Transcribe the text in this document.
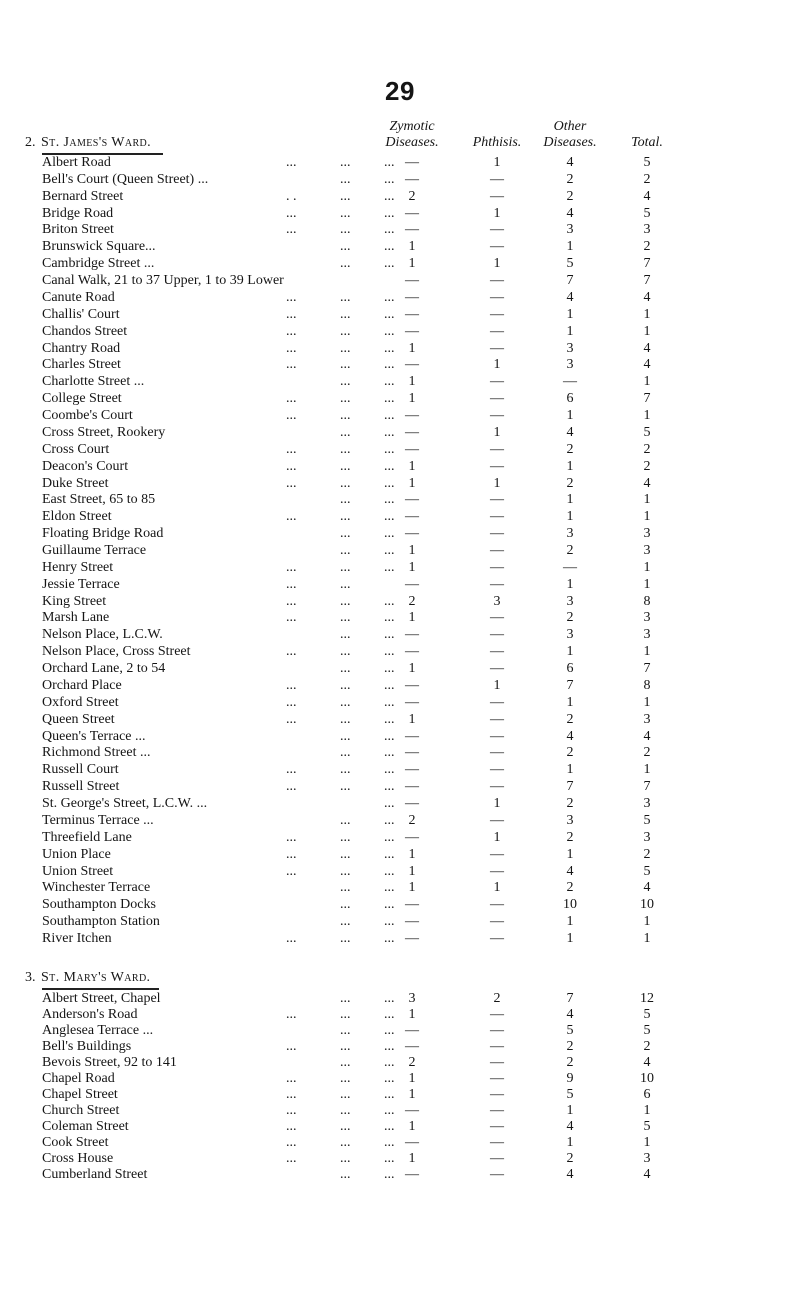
29
Zymotic
Diseases.
	Phthisis.
Other
Diseases.
	Total.
2. St. James's Ward.
3. St. Mary's Ward.
Albert Road	...	... ... —	1	4	5
Bell's Court (Queen Street) ...	... ... —	—	2	2
Bernard Street	. .	... ...	2	—	2	4
Bridge Road	...	... ... —	1	4	5
Briton Street	...	... ... —	—	3	3
Brunswick Square...	... ...	1	—	1	2
Cambridge Street ...	... ...	1	1	5	7
Canal Walk, 21 to 37 Upper, 1 to 39 Lower	—	—	7	7
Canute Road	...	... ... —	—	4	4
Challis' Court	...	... ... —	—	1	1
Chandos Street	...	... ... —	—	1	1
Chantry Road	...	... ...	1	—	3	4
Charles Street	...	... ... —	1	3	4
Charlotte Street ...	... ...	1	—	—	1
College Street	...	... ...	1	—	6	7
Coombe's Court	...	... ... —	—	1	1
Cross Street, Rookery	... ... —	1	4	5
Cross Court	...	... ... —	—	2	2
Deacon's Court	...	... ...	1	—	1	2
Duke Street	...	... ...	1	1	2	4
East Street, 65 to 85	... ... —	—	1	1
Eldon Street	...	... ... —	—	1	1
Floating Bridge Road	... ... —	—	3	3
Guillaume Terrace	... ...	1	—	2	3
Henry Street	...	... ...	1	—	—	1
Jessie Terrace	...	...	—	—	1	1
King Street	...	... ...	2	3	3	8
Marsh Lane	...	... ...	1	—	2	3
Nelson Place, L.C.W.	... ... —	—	3	3
Nelson Place, Cross Street	...	... ... —	—	1	1
Orchard Lane, 2 to 54	... ...	1	—	6	7
Orchard Place	...	... ... —	1	7	8
Oxford Street	...	... ... —	—	1	1
Queen Street	...	... ...	1	—	2	3
Queen's Terrace ...	... ... —	—	4	4
Richmond Street ...	... ... —	—	2	2
Russell Court	...	... ... —	—	1	1
Russell Street	...	... ... —	—	7	7
St. George's Street, L.C.W. ...	... —	1	2	3
Terminus Terrace ...	... ...	2	—	3	5
Threefield Lane	...	... ... —	1	2	3
Union Place	...	... ...	1	—	1	2
Union Street	...	... ...	1	—	4	5
Winchester Terrace	... ...	1	1	2	4
Southampton Docks	... ... —	—	10	10
Southampton Station	... ... —	—	1	1
River Itchen	...	... ... —	—	1	1
Albert Street, Chapel	... ...	3	2	7	12
Anderson's Road	...	... ...	1	—	4	5
Anglesea Terrace ...	... ... —	—	5	5
Bell's Buildings	...	... ... —	—	2	2
Bevois Street, 92 to 141	... ...	2	—	2	4
Chapel Road	...	... ...	1	—	9	10
Chapel Street	...	... ...	1	—	5	6
Church Street	...	... ... —	—	1	1
Coleman Street	...	... ...	1	—	4	5
Cook Street	...	... ... —	—	1	1
Cross House	...	... ...	1	—	2	3
Cumberland Street	... ... —	—	4	4
